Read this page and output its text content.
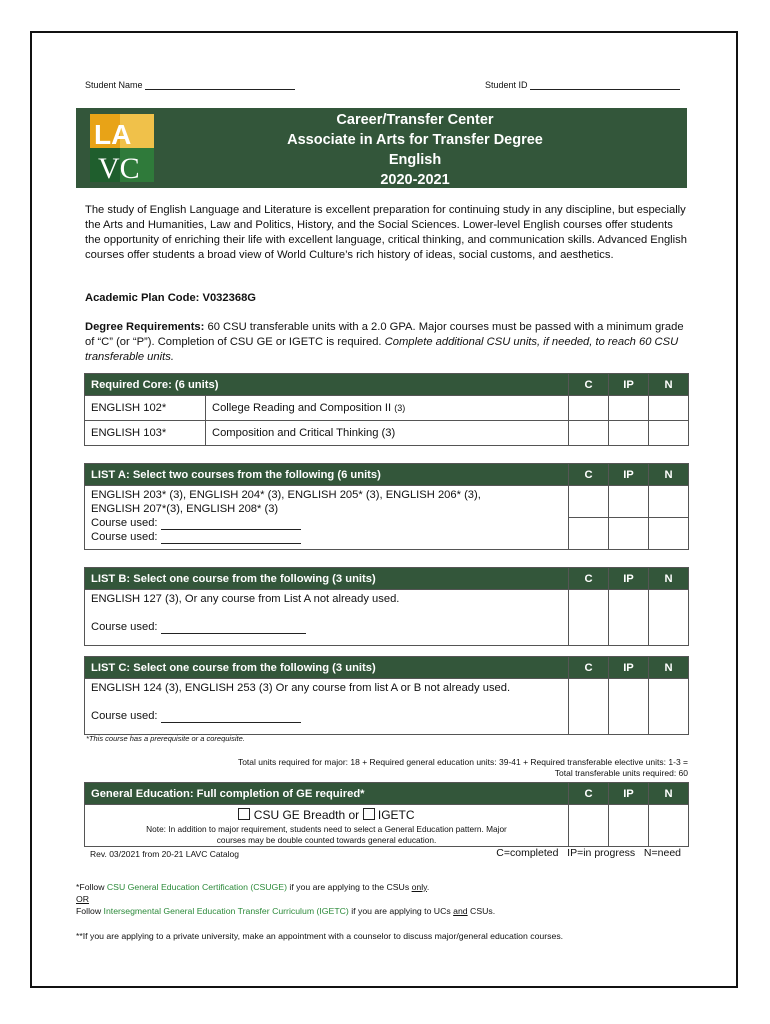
Student Name	Student ID
LA
VC
Career/Transfer Center
Associate in Arts for Transfer Degree
English
2020-2021
The study of English Language and Literature is excellent preparation for continuing study in any discipline, but especially the Arts and Humanities, Law and Politics, History, and the Social Sciences. Lower-level English courses offer students the opportunity of enriching their life with excellent language, critical thinking, and communication skills. Advanced English courses offer students a broad view of World Culture’s rich history of ideas, social customs, and aesthetics.
Academic Plan Code: V032368G
Degree Requirements: 60 CSU transferable units with a 2.0 GPA. Major courses must be passed with a minimum grade of “C” (or “P”). Completion of CSU GE or IGETC is required. Complete additional CSU units, if needed, to reach 60 CSU transferable units.
Required Core: (6 units)		C	IP	N
ENGLISH 102*	College Reading and Composition II (3)			
ENGLISH 103*	Composition and Critical Thinking (3)			
LIST A: Select two courses from the following (6 units)	C	IP	N

ENGLISH 203* (3), ENGLISH 204* (3), ENGLISH 205* (3), ENGLISH 206* (3),
ENGLISH 207*(3), ENGLISH 208* (3)
Course used:
Course used:			

LIST B: Select one course from the following (3 units)	C	IP	N

ENGLISH 127 (3), Or any course from List A not already used.
Course used:			

LIST C: Select one course from the following (3 units)	C	IP	N

ENGLISH 124 (3), ENGLISH 253 (3) Or any course from list A or B not already used.
Course used:			

*This course has a prerequisite or a corequisite.
Total units required for major: 18 + Required general education units: 39-41 + Required transferable elective units: 1-3 =
Total transferable units required: 60
General Education: Full completion of GE required*	C	IP	N

CSU GE Breadth or IGETC
Note: In addition to major requirement, students need to select a General Education pattern. Major
courses may be double counted towards general education.			

Rev. 03/2021 from 20-21 LAVC Catalog	C=completed   IP=in progress   N=need
*Follow CSU General Education Certification (CSUGE) if you are applying to the CSUs only.
OR
Follow Intersegmental General Education Transfer Curriculum (IGETC) if you are applying to UCs and CSUs.
**If you are applying to a private university, make an appointment with a counselor to discuss major/general education courses.
